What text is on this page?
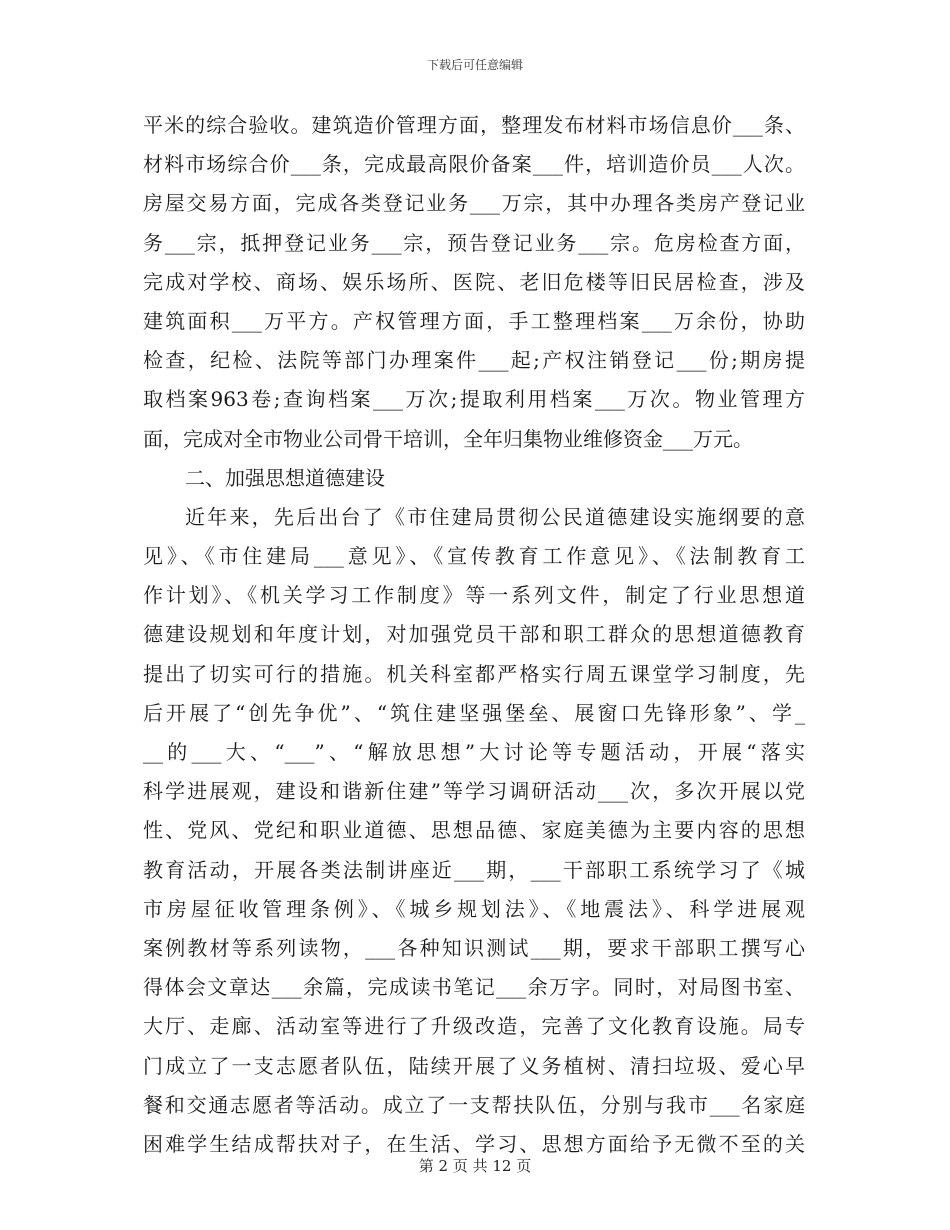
下载后可任意编辑
平米的综合验收。建筑造价管理方面，整理发布材料市场信息价___条、
材料市场综合价___条，完成最高限价备案___件，培训造价员___人次。
房屋交易方面，完成各类登记业务___万宗，其中办理各类房产登记业
务___宗，抵押登记业务___宗，预告登记业务___宗。危房检查方面，
完成对学校、商场、娱乐场所、医院、老旧危楼等旧民居检查，涉及
建筑面积___万平方。产权管理方面，手工整理档案___万余份，协助
检查，纪检、法院等部门办理案件___起;产权注销登记___份;期房提
取档案963卷;查询档案___万次;提取利用档案___万次。物业管理方
面，完成对全市物业公司骨干培训，全年归集物业维修资金___万元。
二、加强思想道德建设
近年来，先后出台了《市住建局贯彻公民道德建设实施纲要的意
见》、《市住建局___意见》、《宣传教育工作意见》、《法制教育工
作计划》、《机关学习工作制度》等一系列文件，制定了行业思想道
德建设规划和年度计划，对加强党员干部和职工群众的思想道德教育
提出了切实可行的措施。机关科室都严格实行周五课堂学习制度，先
后开展了“创先争优”、“筑住建坚强堡垒、展窗口先锋形象”、学_
__的___大、“___”、“解放思想”大讨论等专题活动，开展“落实
科学进展观，建设和谐新住建”等学习调研活动___次，多次开展以党
性、党风、党纪和职业道德、思想品德、家庭美德为主要内容的思想
教育活动，开展各类法制讲座近___期，___干部职工系统学习了《城
市房屋征收管理条例》、《城乡规划法》、《地震法》、科学进展观
案例教材等系列读物，___各种知识测试___期，要求干部职工撰写心
得体会文章达___余篇，完成读书笔记___余万字。同时，对局图书室、
大厅、走廊、活动室等进行了升级改造，完善了文化教育设施。局专
门成立了一支志愿者队伍，陆续开展了义务植树、清扫垃圾、爱心早
餐和交通志愿者等活动。成立了一支帮扶队伍，分别与我市___名家庭
困难学生结成帮扶对子，在生活、学习、思想方面给予无微不至的关
第 2 页 共 12 页
